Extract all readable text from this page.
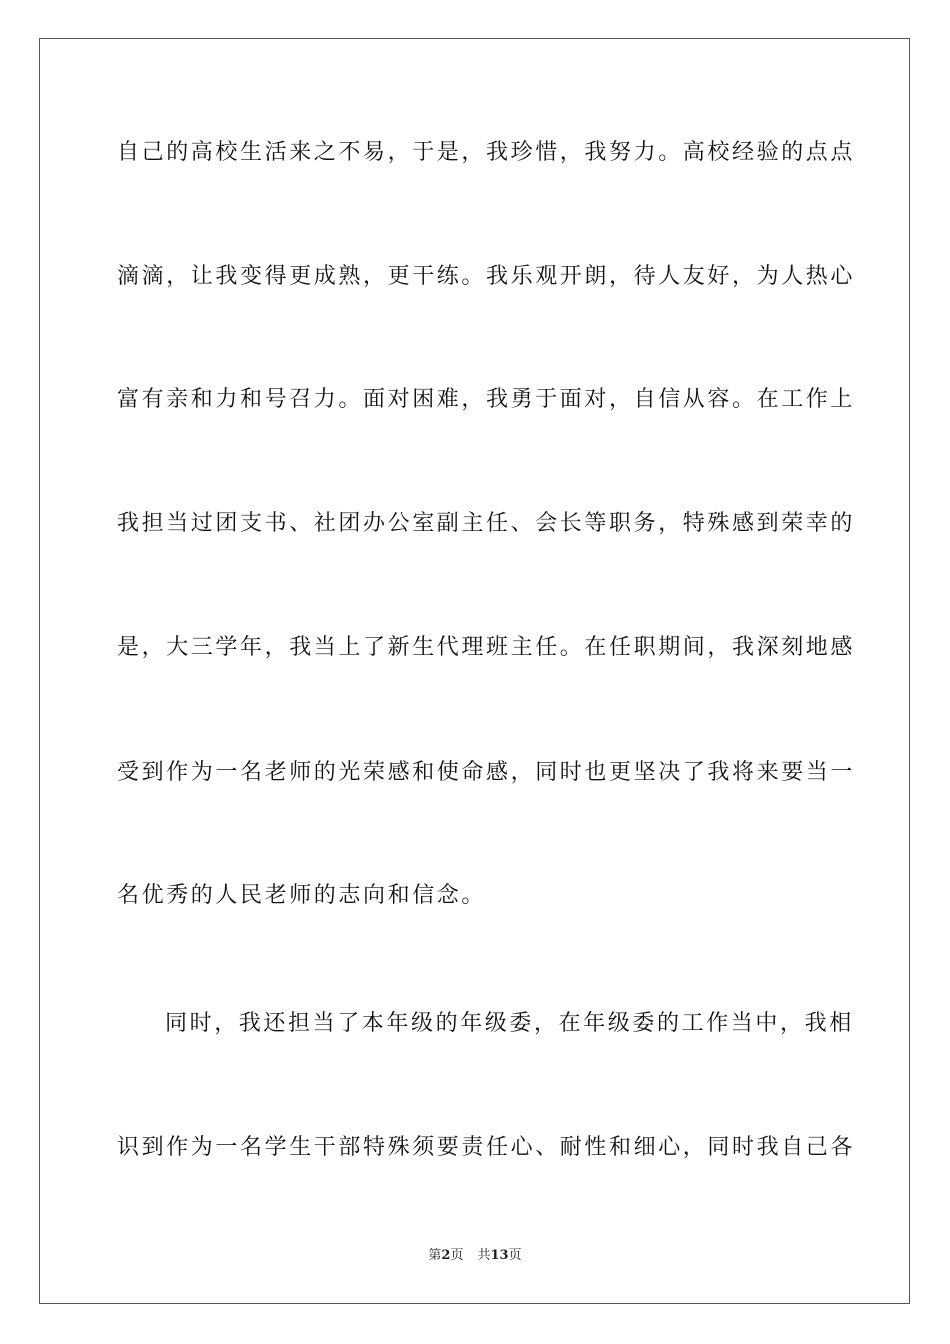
自己的高校生活来之不易，于是，我珍惜，我努力。高校经验的点点
滴滴，让我变得更成熟，更干练。我乐观开朗，待人友好，为人热心
富有亲和力和号召力。面对困难，我勇于面对，自信从容。在工作上
我担当过团支书、社团办公室副主任、会长等职务，特殊感到荣幸的
是，大三学年，我当上了新生代理班主任。在任职期间，我深刻地感
受到作为一名老师的光荣感和使命感，同时也更坚决了我将来要当一
名优秀的人民老师的志向和信念。
同时，我还担当了本年级的年级委，在年级委的工作当中，我相
识到作为一名学生干部特殊须要责任心、耐性和细心，同时我自己各
第2页 共13页
